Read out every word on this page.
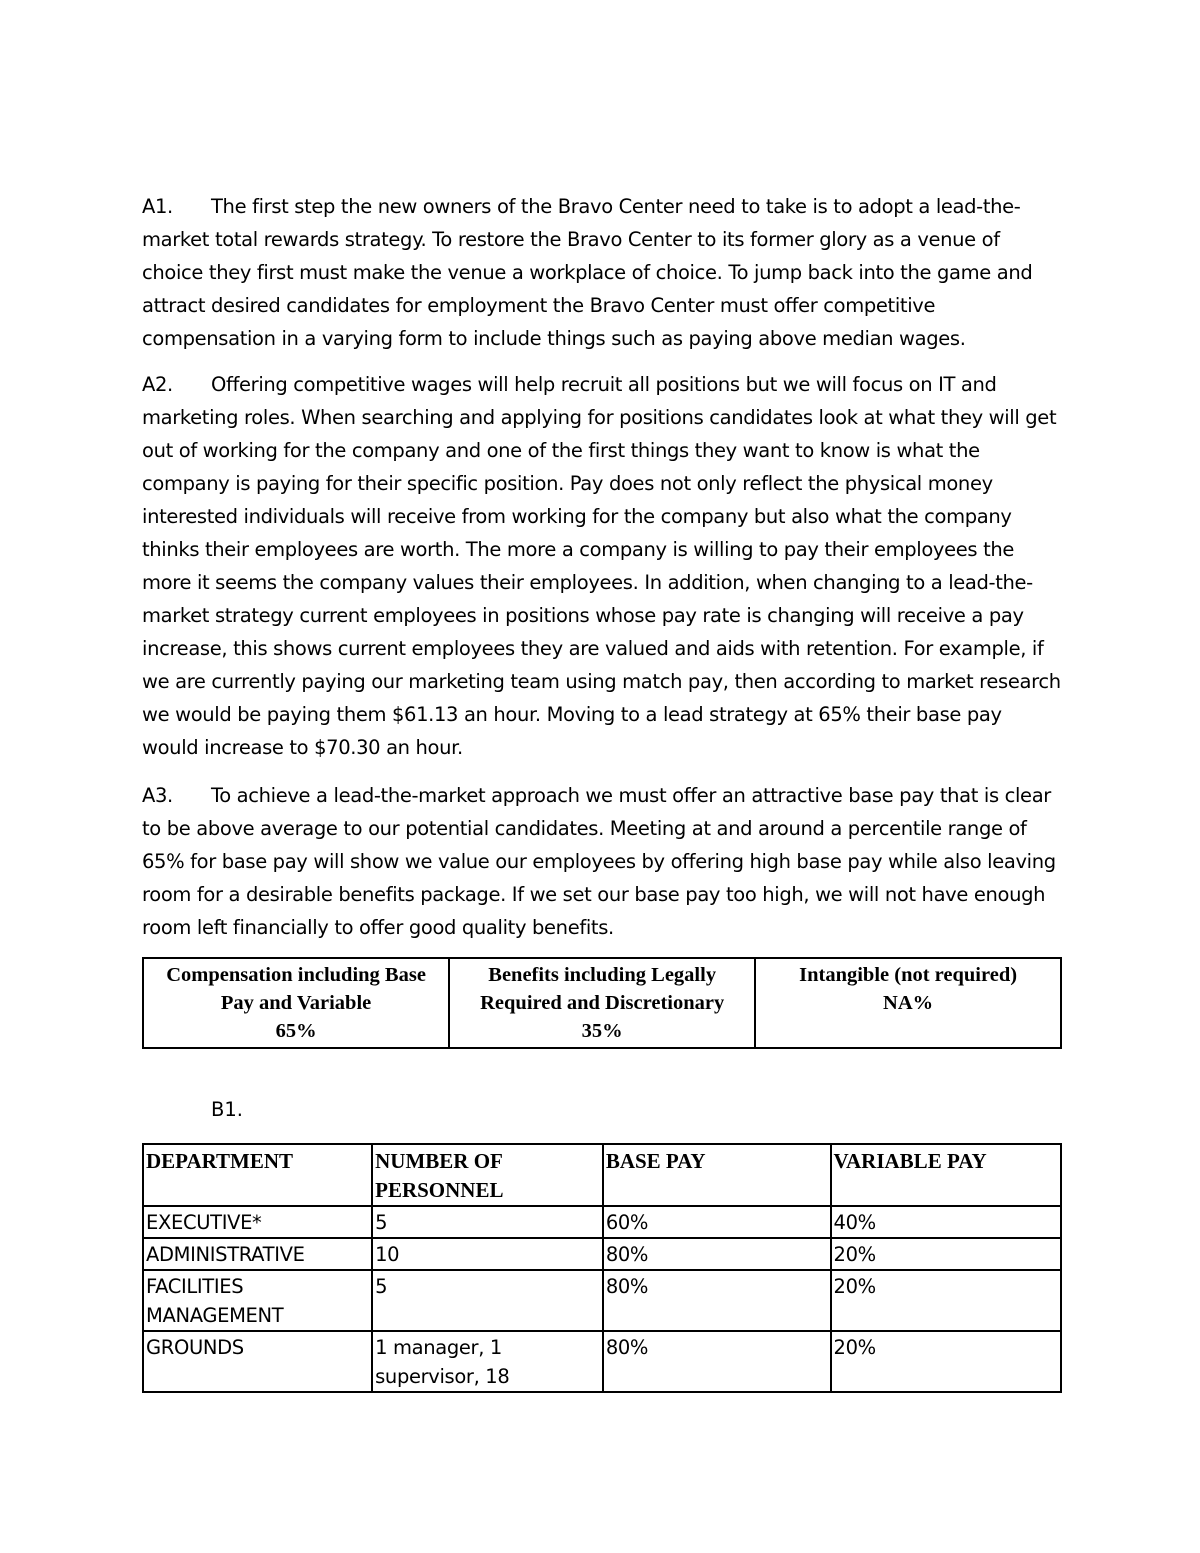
A1. The first step the new owners of the Bravo Center need to take is to adopt a lead-the-market total rewards strategy. To restore the Bravo Center to its former glory as a venue of choice they first must make the venue a workplace of choice. To jump back into the game and attract desired candidates for employment the Bravo Center must offer competitive compensation in a varying form to include things such as paying above median wages.

A2. Offering competitive wages will help recruit all positions but we will focus on IT and marketing roles. When searching and applying for positions candidates look at what they will get out of working for the company and one of the first things they want to know is what the company is paying for their specific position. Pay does not only reflect the physical money interested individuals will receive from working for the company but also what the company thinks their employees are worth. The more a company is willing to pay their employees the more it seems the company values their employees. In addition, when changing to a lead-the-market strategy current employees in positions whose pay rate is changing will receive a pay increase, this shows current employees they are valued and aids with retention. For example, if we are currently paying our marketing team using match pay, then according to market research we would be paying them $61.13 an hour. Moving to a lead strategy at 65% their base pay would increase to $70.30 an hour.

A3. To achieve a lead-the-market approach we must offer an attractive base pay that is clear to be above average to our potential candidates. Meeting at and around a percentile range of 65% for base pay will show we value our employees by offering high base pay while also leaving room for a desirable benefits package. If we set our base pay too high, we will not have enough room left financially to offer good quality benefits.

Compensation including Base
Pay and Variable
65%

Benefits including Legally
Required and Discretionary
35%

Intangible (not required)
NA%
B1.
DEPARTMENT	NUMBER OF PERSONNEL	BASE PAY	VARIABLE PAY
EXECUTIVE*	5	60%	40%
ADMINISTRATIVE	10	80%	20%
FACILITIES MANAGEMENT	5	80%	20%
GROUNDS	1 manager, 1 supervisor, 18	80%	20%
